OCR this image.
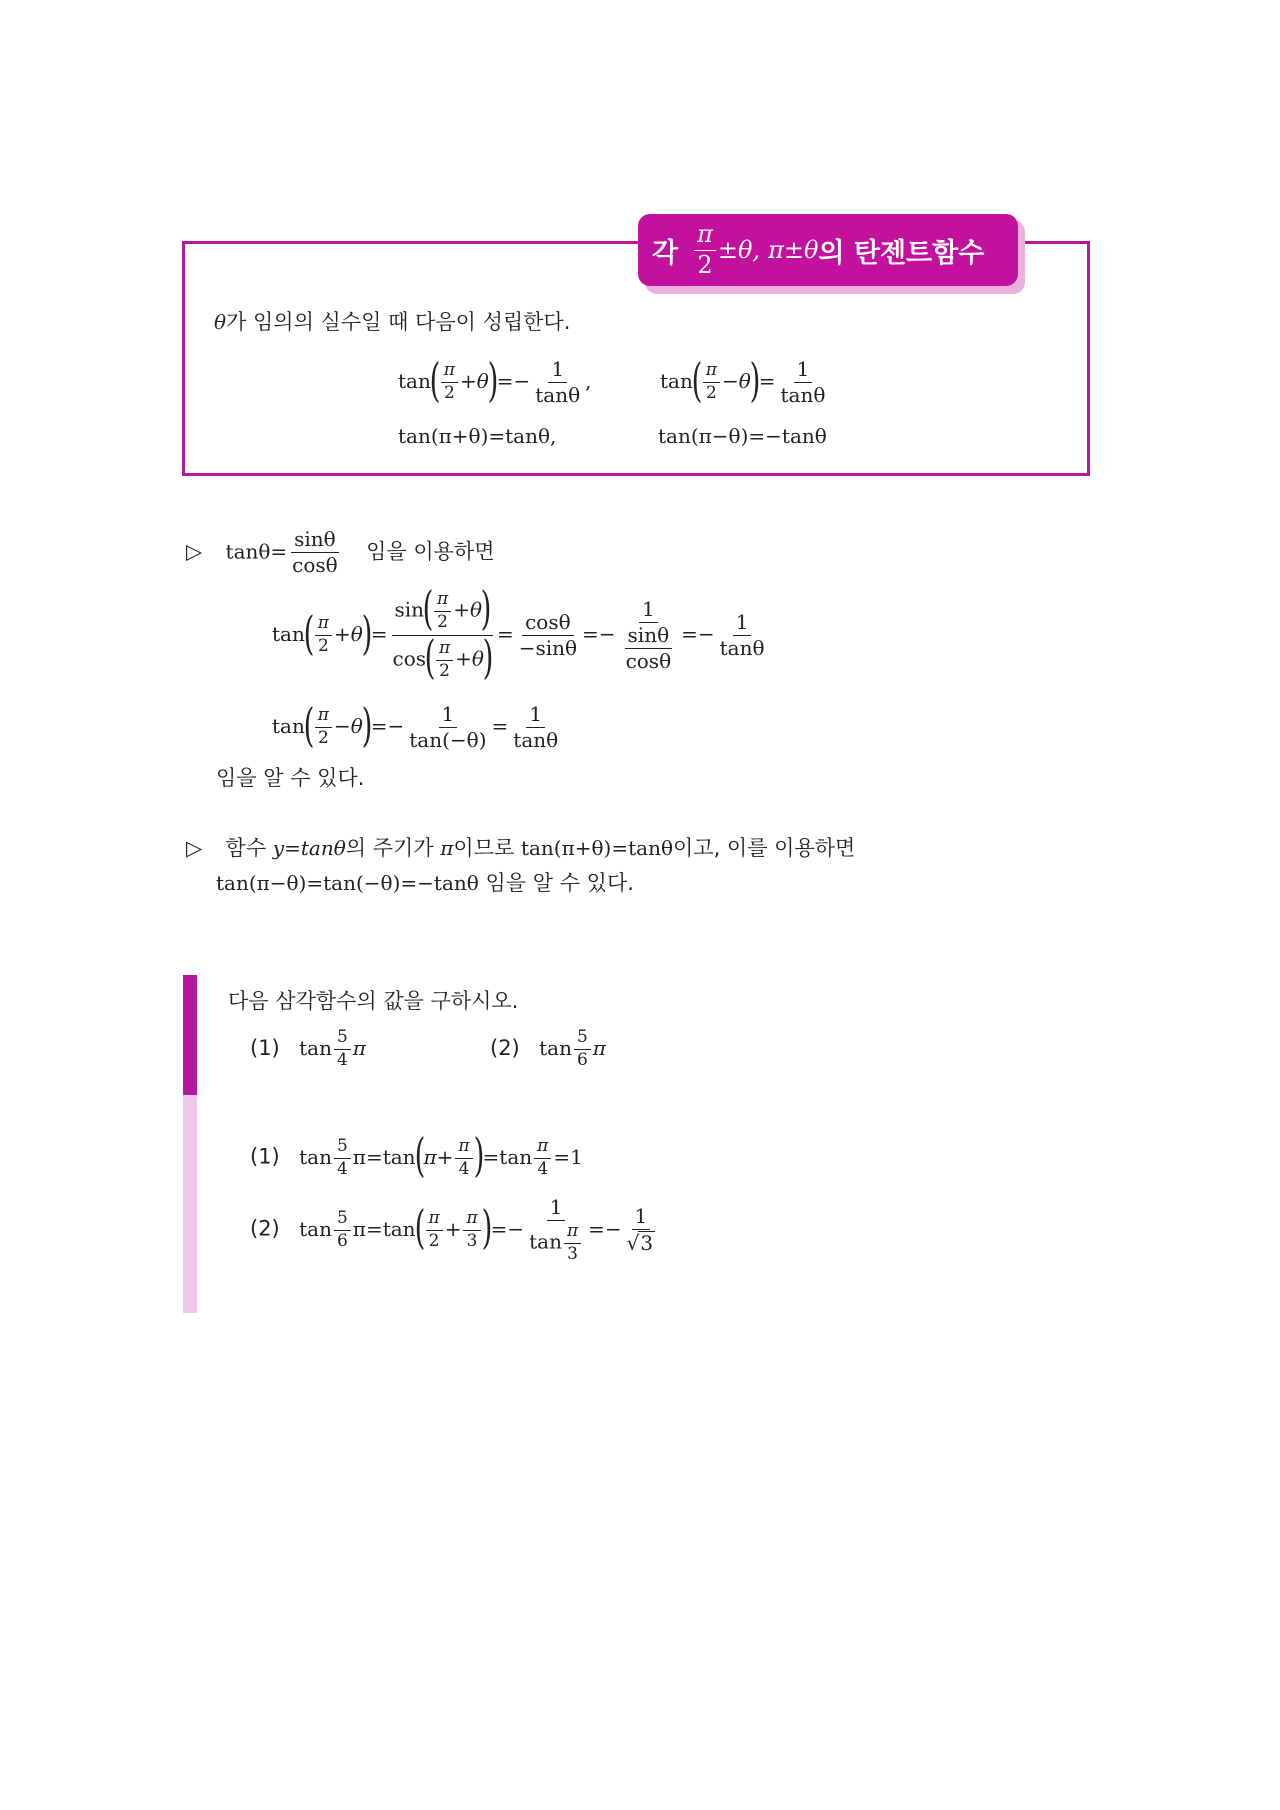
각 $\frac{\pi}{2} \pm\theta$, π±θ 의 탄젠트함수
θ가 임의의 실수일 때 다음이 성립한다.
$\tan( \frac{\pi}{2} +\theta)=- \frac{1}{\tan\theta}$ ,	$\tan( \frac{\pi}{2} -\theta)= \frac{1}{\tan\theta}$
tan(π+θ)=tanθ,	tan(π−θ)=−tanθ
▷ $\tan\theta= \frac{\sin\theta}{\cos\theta}$ 임을 이용하면
$\tan( \frac{\pi}{2} +\theta)= \frac{\sin( \frac{\pi}{2} +\theta)}{\cos( \frac{\pi}{2} +\theta)} = \frac{\cos\theta}{-\sin\theta} =- \frac{1}{\frac{\sin\theta}{\cos\theta}} =- \frac{1}{\tan\theta}$
$\tan( \frac{\pi}{2} -\theta)=- \frac{1}{\tan(-\theta)} = \frac{1}{\tan\theta}$
임을 알 수 있다.
▷ 함수 y=tanθ의 주기가 π이므로 tan(π+θ)=tanθ이고, 이를 이용하면
tan(π−θ)=tan(−θ)=−tanθ 임을 알 수 있다.
다음 삼각함수의 값을 구하시오.
(1) $\tan \frac{5}{4}$ π	(2) $\tan \frac{5}{6}$ π
(1) $\tan \frac{5}{4} \pi=\tan(\pi+ \frac{\pi}{4} )=\tan \frac{\pi}{4} =1$
(2) $\tan \frac{5}{6} \pi=\tan( \frac{\pi}{2} + \frac{\pi}{3}$ )=− $\frac{1}{\tan \frac{\pi}{3}} =- \frac{1}{√3}$
